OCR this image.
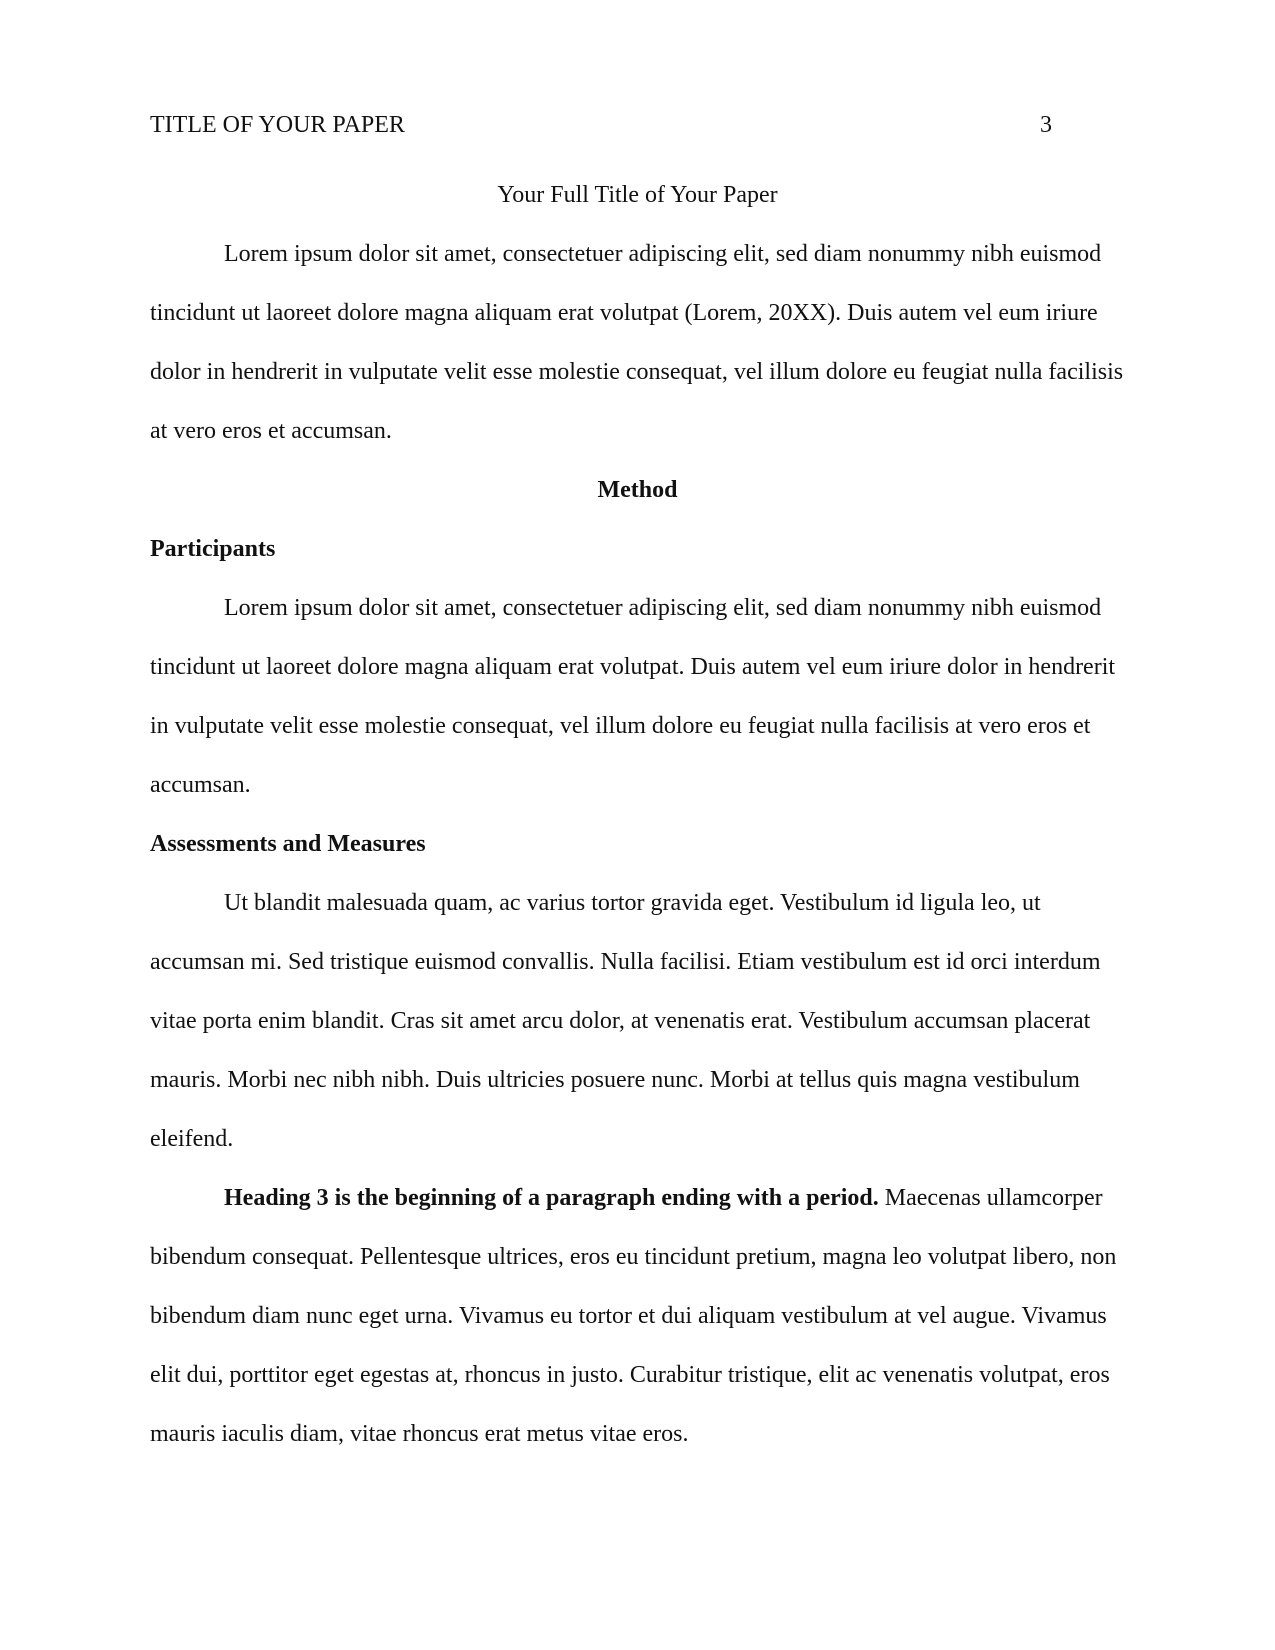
TITLE OF YOUR PAPER	3
Your Full Title of Your Paper

Lorem ipsum dolor sit amet, consectetuer adipiscing elit, sed diam nonummy nibh euismod tincidunt ut laoreet dolore magna aliquam erat volutpat (Lorem, 20XX). Duis autem vel eum iriure dolor in hendrerit in vulputate velit esse molestie consequat, vel illum dolore eu feugiat nulla facilisis at vero eros et accumsan.

Method
Participants

Lorem ipsum dolor sit amet, consectetuer adipiscing elit, sed diam nonummy nibh euismod tincidunt ut laoreet dolore magna aliquam erat volutpat. Duis autem vel eum iriure dolor in hendrerit in vulputate velit esse molestie consequat, vel illum dolore eu feugiat nulla facilisis at vero eros et accumsan.

Assessments and Measures

Ut blandit malesuada quam, ac varius tortor gravida eget. Vestibulum id ligula leo, ut accumsan mi. Sed tristique euismod convallis. Nulla facilisi. Etiam vestibulum est id orci interdum vitae porta enim blandit. Cras sit amet arcu dolor, at venenatis erat. Vestibulum accumsan placerat mauris. Morbi nec nibh nibh. Duis ultricies posuere nunc. Morbi at tellus quis magna vestibulum eleifend.

Heading 3 is the beginning of a paragraph ending with a period. Maecenas ullamcorper bibendum consequat. Pellentesque ultrices, eros eu tincidunt pretium, magna leo volutpat libero, non bibendum diam nunc eget urna. Vivamus eu tortor et dui aliquam vestibulum at vel augue. Vivamus elit dui, porttitor eget egestas at, rhoncus in justo. Curabitur tristique, elit ac venenatis volutpat, eros mauris iaculis diam, vitae rhoncus erat metus vitae eros.
